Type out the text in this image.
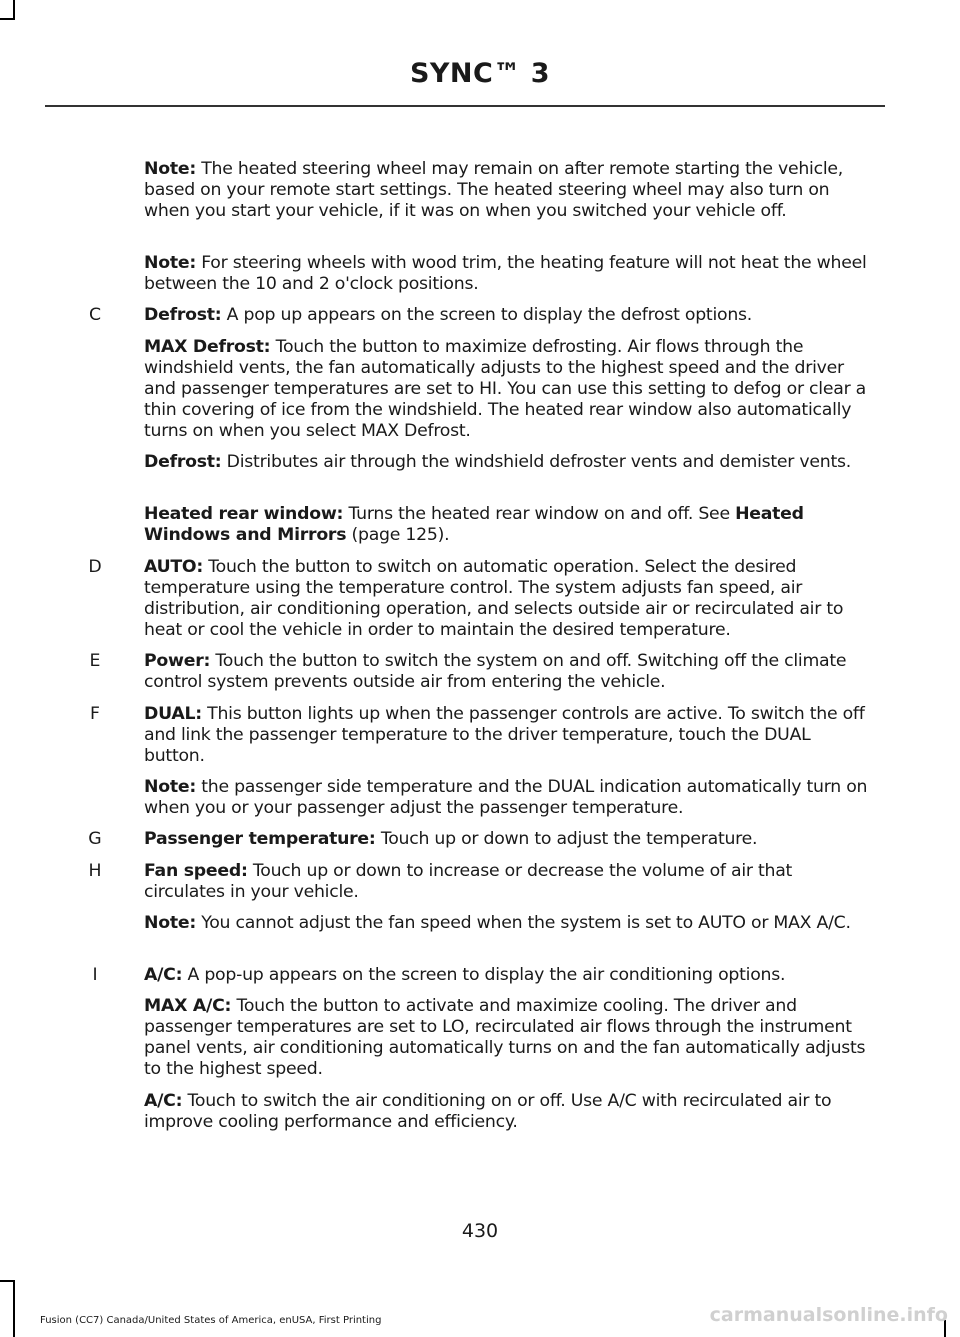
SYNC™ 3
Note: The heated steering wheel may remain on after remote starting the vehicle, based on your remote start settings. The heated steering wheel may also turn on when you start your vehicle, if it was on when you switched your vehicle off.
Note: For steering wheels with wood trim, the heating feature will not heat the wheel between the 10 and 2 o'clock positions.
C	Defrost: A pop up appears on the screen to display the defrost options.
MAX Defrost: Touch the button to maximize defrosting. Air flows through the windshield vents, the fan automatically adjusts to the highest speed and the driver and passenger temperatures are set to HI. You can use this setting to defog or clear a thin covering of ice from the windshield. The heated rear window also automatically turns on when you select MAX Defrost.
Defrost: Distributes air through the windshield defroster vents and demister vents.
Heated rear window: Turns the heated rear window on and off. See Heated Windows and Mirrors (page 125).
D	AUTO: Touch the button to switch on automatic operation. Select the desired temperature using the temperature control. The system adjusts fan speed, air distribution, air conditioning operation, and selects outside air or recirculated air to heat or cool the vehicle in order to maintain the desired temperature.
E	Power: Touch the button to switch the system on and off. Switching off the climate control system prevents outside air from entering the vehicle.
F	DUAL: This button lights up when the passenger controls are active. To switch the off and link the passenger temperature to the driver temperature, touch the DUAL button.
Note: the passenger side temperature and the DUAL indication automatically turn on when you or your passenger adjust the passenger temperature.
G	Passenger temperature: Touch up or down to adjust the temperature.
H	Fan speed: Touch up or down to increase or decrease the volume of air that circulates in your vehicle.
Note: You cannot adjust the fan speed when the system is set to AUTO or MAX A/C.
I	A/C: A pop-up appears on the screen to display the air conditioning options.
MAX A/C: Touch the button to activate and maximize cooling. The driver and passenger temperatures are set to LO, recirculated air flows through the instrument panel vents, air conditioning automatically turns on and the fan automatically adjusts to the highest speed.
A/C: Touch to switch the air conditioning on or off. Use A/C with recirculated air to improve cooling performance and efficiency.
430
Fusion (CC7) Canada/United States of America, enUSA, First Printing	carmanualsonline.info
